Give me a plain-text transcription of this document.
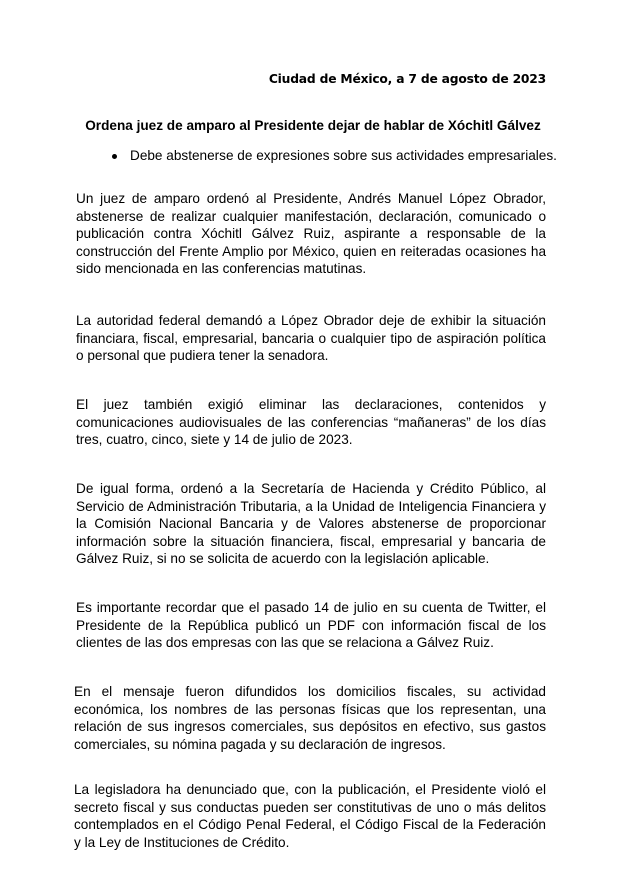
Ciudad de México, a 7 de agosto de 2023
Ordena juez de amparo al Presidente dejar de hablar de Xóchitl Gálvez
Debe abstenerse de expresiones sobre sus actividades empresariales.

Un juez de amparo ordenó al Presidente, Andrés Manuel López Obrador, abstenerse de realizar cualquier manifestación, declaración, comunicado o publicación contra Xóchitl Gálvez Ruiz, aspirante a responsable de la construcción del Frente Amplio por México, quien en reiteradas ocasiones ha sido mencionada en las conferencias matutinas.

La autoridad federal demandó a López Obrador deje de exhibir la situación financiara, fiscal, empresarial, bancaria o cualquier tipo de aspiración política o personal que pudiera tener la senadora.

El juez también exigió eliminar las declaraciones, contenidos y comunicaciones audiovisuales de las conferencias “mañaneras” de los días tres, cuatro, cinco, siete y 14 de julio de 2023.

De igual forma, ordenó a la Secretaría de Hacienda y Crédito Público, al Servicio de Administración Tributaria, a la Unidad de Inteligencia Financiera y la Comisión Nacional Bancaria y de Valores abstenerse de proporcionar información sobre la situación financiera, fiscal, empresarial y bancaria de Gálvez Ruiz, si no se solicita de acuerdo con la legislación aplicable.

Es importante recordar que el pasado 14 de julio en su cuenta de Twitter, el Presidente de la República publicó un PDF con información fiscal de los clientes de las dos empresas con las que se relaciona a Gálvez Ruiz.

En el mensaje fueron difundidos los domicilios fiscales, su actividad económica, los nombres de las personas físicas que los representan, una relación de sus ingresos comerciales, sus depósitos en efectivo, sus gastos comerciales, su nómina pagada y su declaración de ingresos.

La legisladora ha denunciado que, con la publicación, el Presidente violó el secreto fiscal y sus conductas pueden ser constitutivas de uno o más delitos contemplados en el Código Penal Federal, el Código Fiscal de la Federación y la Ley de Instituciones de Crédito.
